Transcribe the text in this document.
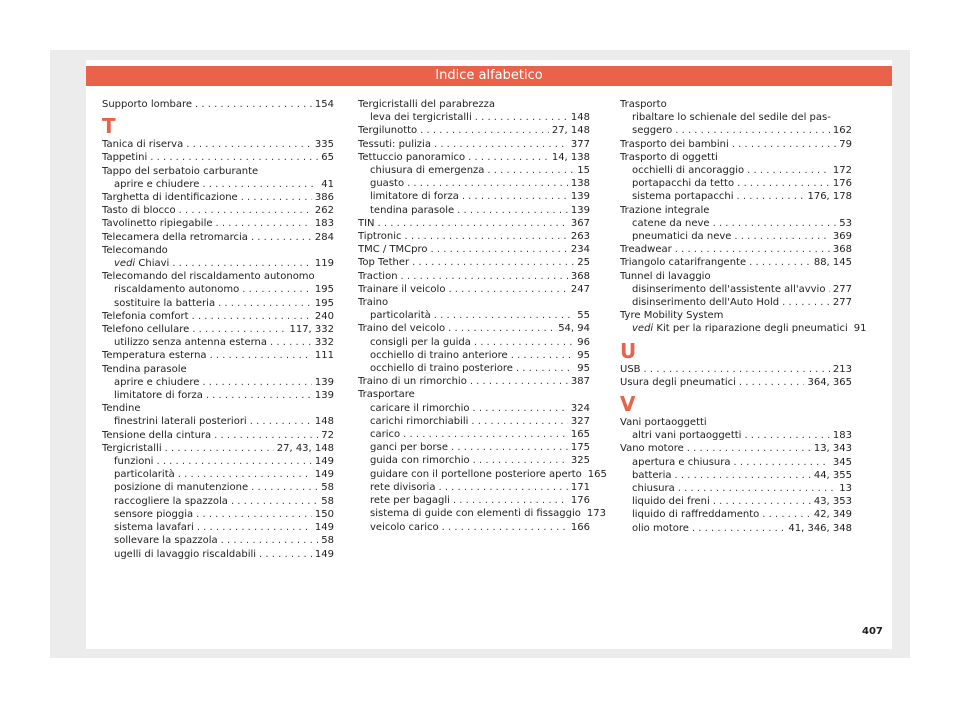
Indice alfabetico
Supporto lombare . . .	154
T
Tanica di riserva . . .	335
Tappetini . . .	65
Tappo del serbatoio carburante
aprire e chiudere . . .	41
Targhetta di identificazione . . .	386
Tasto di blocco . . .	262
Tavolinetto ripiegabile . . .	183
Telecamera della retromarcia . . .	284
Telecomando
vedi Chiavi . . .	119
Telecomando del riscaldamento autonomo
riscaldamento autonomo . . .	195
sostituire la batteria . . .	195
Telefonia comfort . . .	240
Telefono cellulare . . .	117, 332
utilizzo senza antenna esterna . . .	332
Temperatura esterna . . .	111
Tendina parasole
aprire e chiudere . . .	139
limitatore di forza . . .	139
Tendine
finestrini laterali posteriori . . .	148
Tensione della cintura . . .	72
Tergicristalli . . .	27, 43, 148
funzioni . . .	149
particolarità . . .	149
posizione di manutenzione . . .	58
raccogliere la spazzola . . .	58
sensore pioggia . . .	150
sistema lavafari . . .	149
sollevare la spazzola . . .	58
ugelli di lavaggio riscaldabili . . .	149
Tergicristalli del parabrezza
leva dei tergicristalli . . .	148
Tergilunotto . . .	27, 148
Tessuti: pulizia . . .	377
Tettuccio panoramico . . .	14, 138
chiusura di emergenza . . .	15
guasto . . .	138
limitatore di forza . . .	139
tendina parasole . . .	139
TIN . . .	367
Tiptronic . . .	263
TMC / TMCpro . . .	234
Top Tether . . .	25
Traction . . .	368
Trainare il veicolo . . .	247
Traino
particolarità . . .	55
Traino del veicolo . . .	54, 94
consigli per la guida . . .	96
occhiello di traino anteriore . . .	95
occhiello di traino posteriore . . .	95
Traino di un rimorchio . . .	387
Trasportare
caricare il rimorchio . . .	324
carichi rimorchiabili . . .	327
carico . . .	165
ganci per borse . . .	175
guida con rimorchio . . .	325
guidare con il portellone posteriore aperto 165
rete divisoria . . .	171
rete per bagagli . . .	176
sistema di guide con elementi di fissaggio 173
veicolo carico . . .	166
Trasporto
ribaltare lo schienale del sedile del pas-
seggero . . .	162
Trasporto dei bambini . . .	79
Trasporto di oggetti
occhielli di ancoraggio . . .	172
portapacchi da tetto . . .	176
sistema portapacchi . . .	176, 178
Trazione integrale
catene da neve . . .	53
pneumatici da neve . . .	369
Treadwear . . .	368
Triangolo catarifrangente . . .	88, 145
Tunnel di lavaggio
disinserimento dell'assistente all'avvio . . . 277
disinserimento dell'Auto Hold . . .	277
Tyre Mobility System
vedi Kit per la riparazione degli pneumatici 91
U
USB . . .	213
Usura degli pneumatici . . .	364, 365
V
Vani portaoggetti
altri vani portaoggetti . . .	183
Vano motore . . .	13, 343
apertura e chiusura . . .	345
batteria . . .	44, 355
chiusura . . .	13
liquido dei freni . . .	43, 353
liquido di raffreddamento . . .	42, 349
olio motore . . .	41, 346, 348
407
